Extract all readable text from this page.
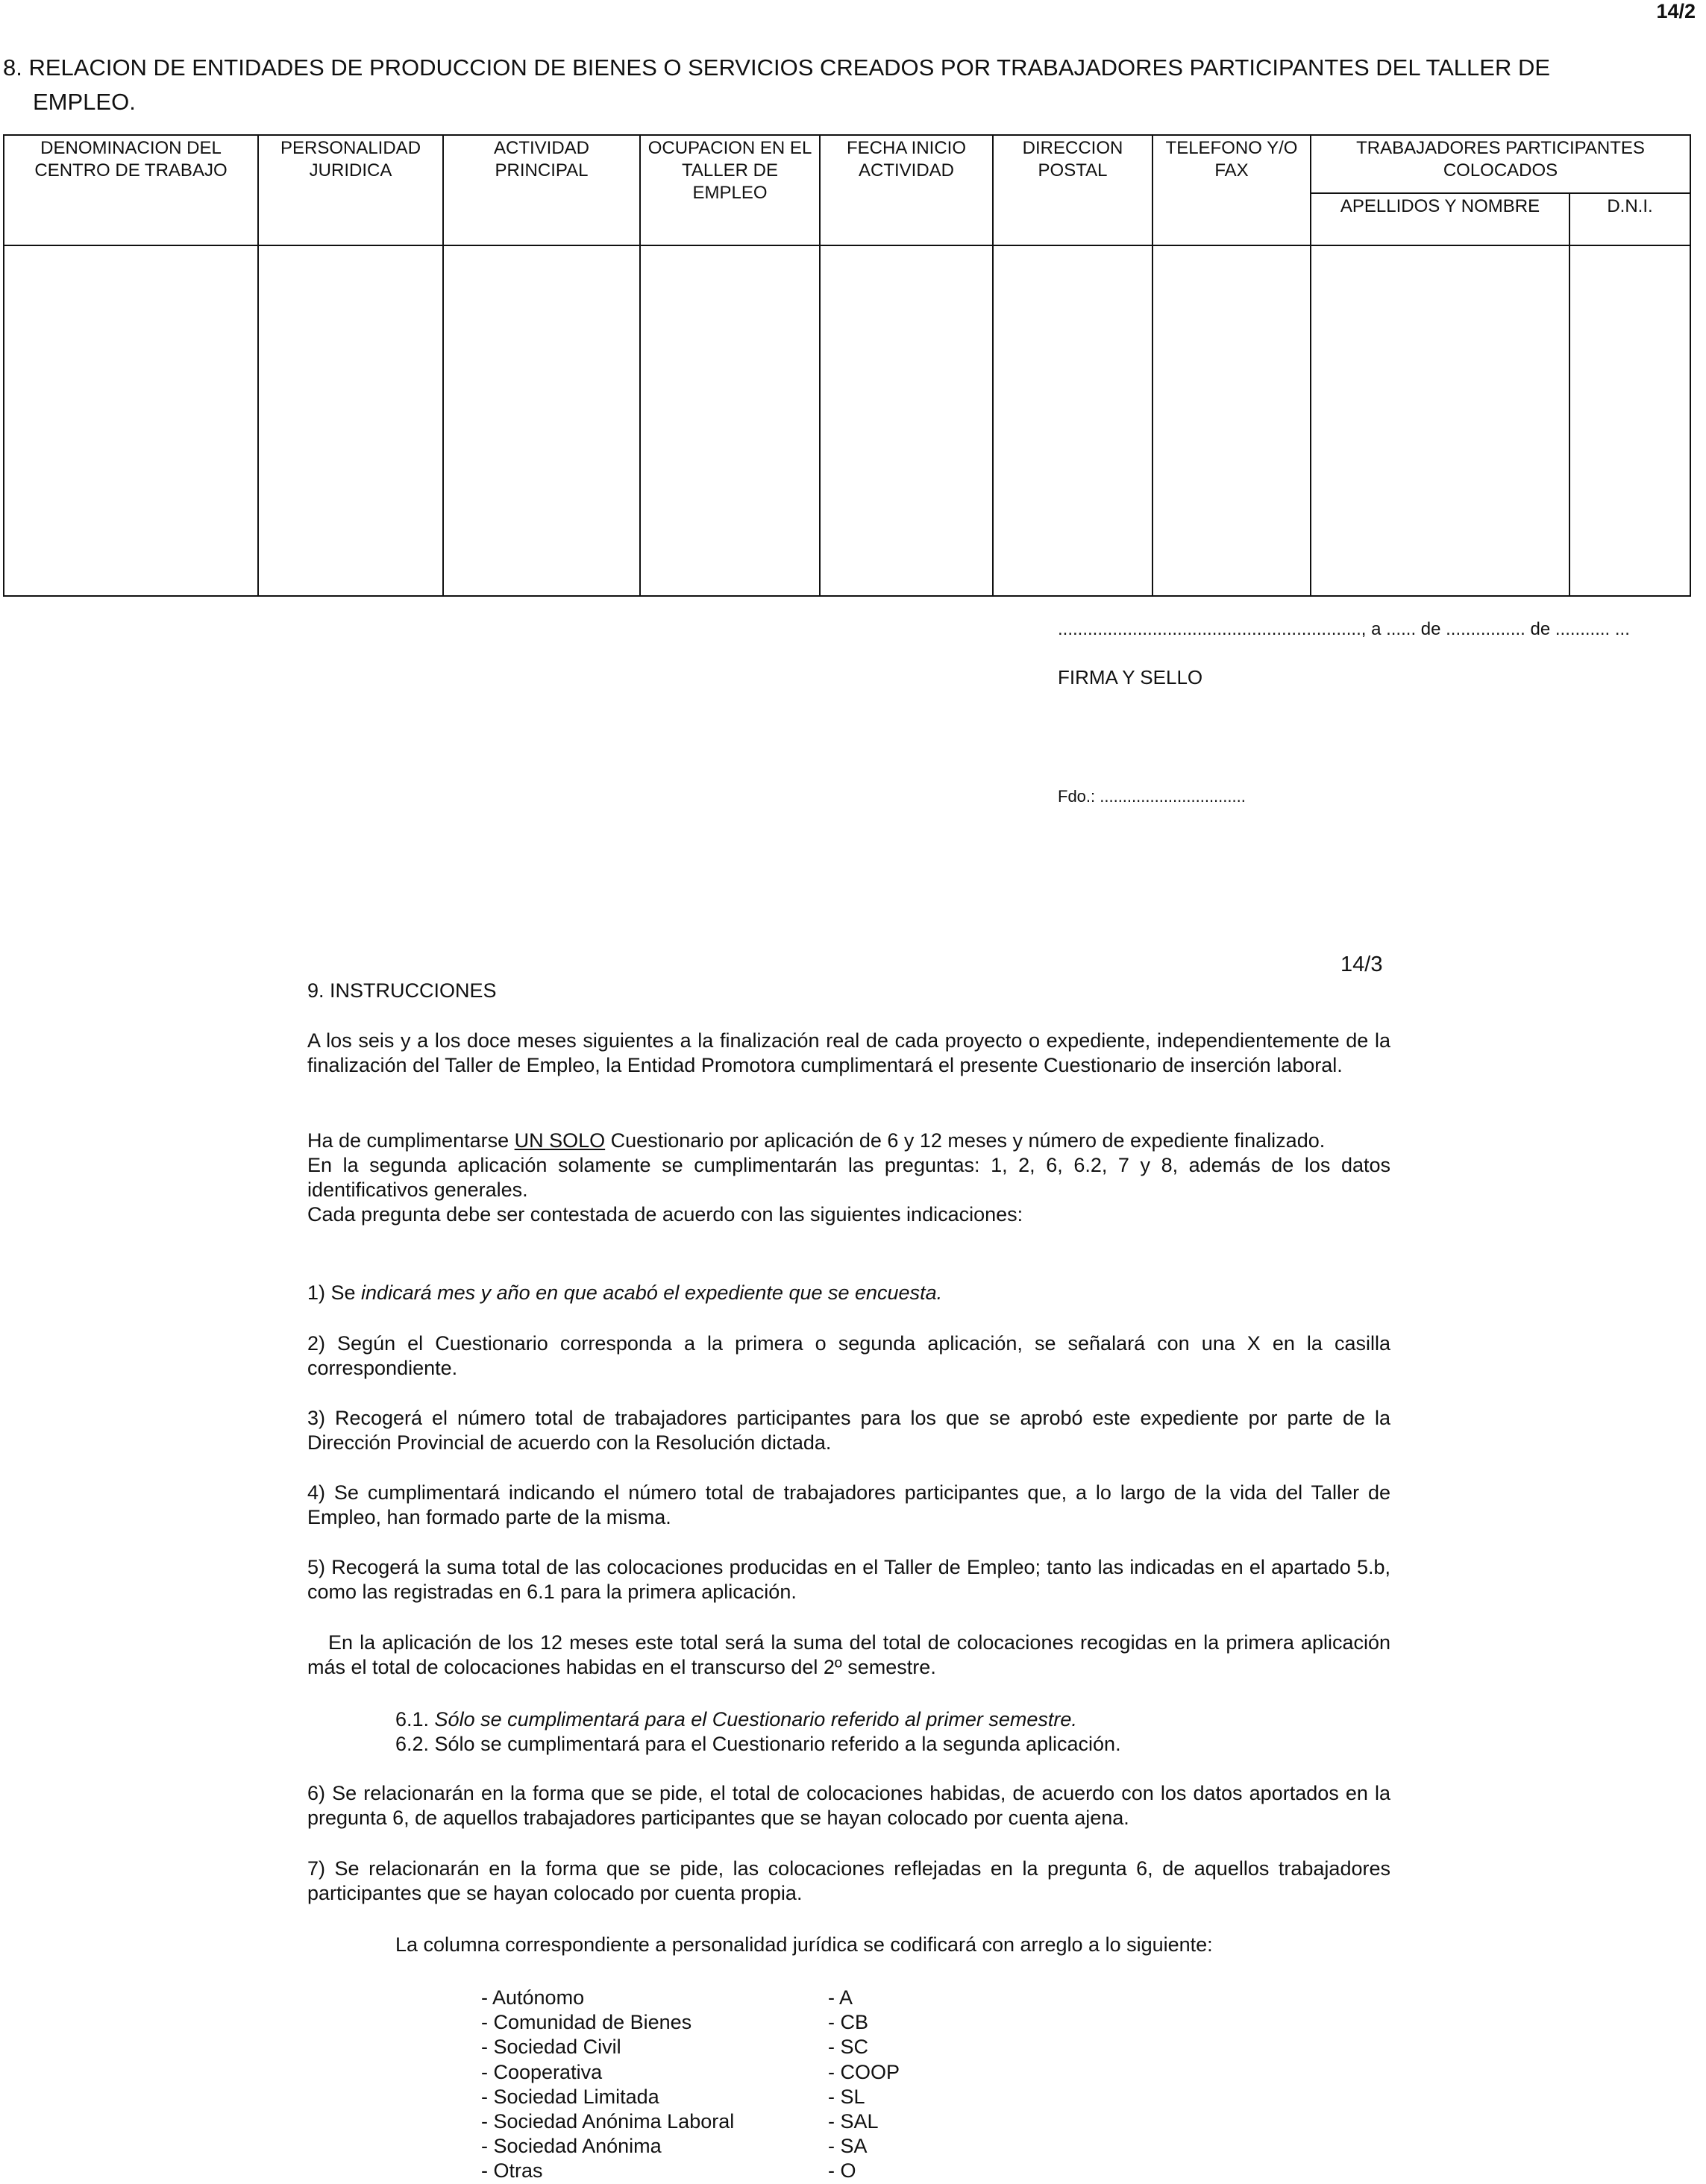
14/2
8. RELACION DE ENTIDADES DE PRODUCCION DE BIENES O SERVICIOS CREADOS POR TRABAJADORES PARTICIPANTES DEL TALLER DE
EMPLEO.
DENOMINACION DEL CENTRO DE TRABAJO	PERSONALIDAD JURIDICA	ACTIVIDAD PRINCIPAL	OCUPACION EN EL TALLER DE EMPLEO	FECHA INICIO ACTIVIDAD	DIRECCION POSTAL	TELEFONO Y/O FAX	TRABAJADORES PARTICIPANTES COLOCADOS	
							APELLIDOS Y NOMBRE	D.N.I.

............................................................., a ...... de ................ de ........... ...
FIRMA Y SELLO
Fdo.: ................................
14/3
9. INSTRUCCIONES
A los seis y a los doce meses siguientes a la finalización real de cada proyecto o expediente, independientemente de la finalización del Taller de Empleo, la Entidad Promotora cumplimentará el presente Cuestionario de inserción laboral.
Ha de cumplimentarse UN SOLO Cuestionario por aplicación de 6 y 12 meses y número de expediente finalizado.
En la segunda aplicación solamente se cumplimentarán las preguntas: 1, 2, 6, 6.2, 7 y 8, además de los datos identificativos generales.
Cada pregunta debe ser contestada de acuerdo con las siguientes indicaciones:
1) Se indicará mes y año en que acabó el expediente que se encuesta.
2) Según el Cuestionario corresponda a la primera o segunda aplicación, se señalará con una X en la casilla correspondiente.
3) Recogerá el número total de trabajadores participantes para los que se aprobó este expediente por parte de la Dirección Provincial de acuerdo con la Resolución dictada.
4) Se cumplimentará indicando el número total de trabajadores participantes que, a lo largo de la vida del Taller de Empleo, han formado parte de la misma.
5) Recogerá la suma total de las colocaciones producidas en el Taller de Empleo; tanto las indicadas en el apartado 5.b, como las registradas en 6.1 para la primera aplicación.
En la aplicación de los 12 meses este total será la suma del total de colocaciones recogidas en la primera aplicación más el total de colocaciones habidas en el transcurso del 2º semestre.
6.1. Sólo se cumplimentará para el Cuestionario referido al primer semestre.
6.2. Sólo se cumplimentará para el Cuestionario referido a la segunda aplicación.
6) Se relacionarán en la forma que se pide, el total de colocaciones habidas, de acuerdo con los datos aportados en la pregunta 6, de aquellos trabajadores participantes que se hayan colocado por cuenta ajena.
7) Se relacionarán en la forma que se pide, las colocaciones reflejadas en la pregunta 6, de aquellos trabajadores participantes que se hayan colocado por cuenta propia.
La columna correspondiente a personalidad jurídica se codificará con arreglo a lo siguiente:
- Autónomo	- A
- Comunidad de Bienes	- CB
- Sociedad Civil	- SC
- Cooperativa	- COOP
- Sociedad Limitada	- SL
- Sociedad Anónima Laboral	- SAL
- Sociedad Anónima	- SA
- Otras	- O
